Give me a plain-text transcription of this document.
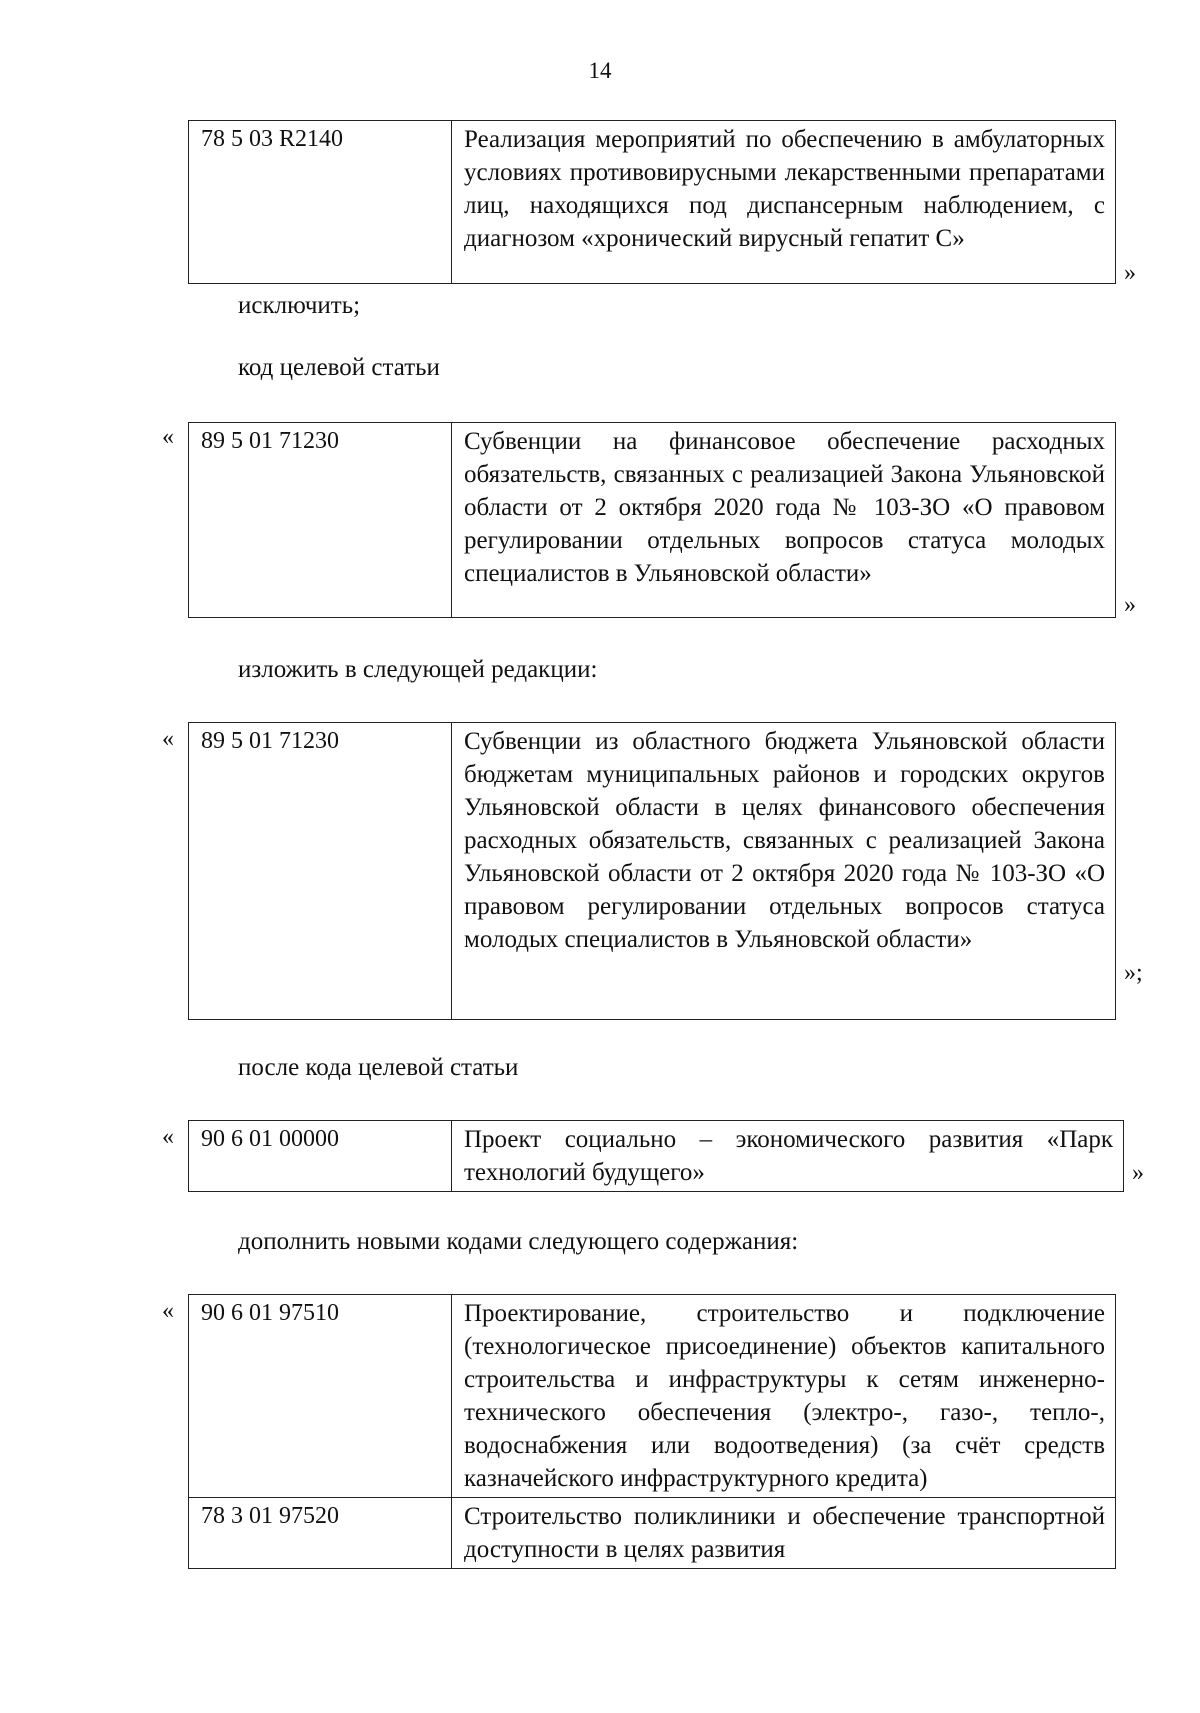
14
78 5 03 R2140	Реализация мероприятий по обеспечению в амбулаторных условиях противовирусными лекарственными препаратами лиц, находящихся под диспансерным наблюдением, с диагнозом «хронический вирусный гепатит С»
»
исключить;
код целевой статьи
« 89 5 01 71230	Субвенции на финансовое обеспечение расходных обязательств, связанных с реализацией Закона Ульяновской области от 2 октября 2020 года № 103-ЗО «О правовом регулировании отдельных вопросов статуса молодых специалистов в Ульяновской области»
»
изложить в следующей редакции:
« 89 5 01 71230	Субвенции из областного бюджета Ульяновской области бюджетам муниципальных районов и городских округов Ульяновской области в целях финансового обеспечения расходных обязательств, связанных с реализацией Закона Ульяновской области от 2 октября 2020 года № 103-ЗО «О правовом регулировании отдельных вопросов статуса молодых специалистов в Ульяновской области»
»;
после кода целевой статьи
« 90 6 01 00000	Проект социально – экономического развития «Парк технологий будущего»	»
дополнить новыми кодами следующего содержания:
« 90 6 01 97510	Проектирование, строительство и подключение (технологическое присоединение) объектов капитального строительства и инфраструктуры к сетям инженерно-технического обеспечения (электро-, газо-, тепло-, водоснабжения или водоотведения) (за счёт средств казначейского инфраструктурного кредита)
78 3 01 97520	Строительство поликлиники и обеспечение транспортной доступности в целях развития
